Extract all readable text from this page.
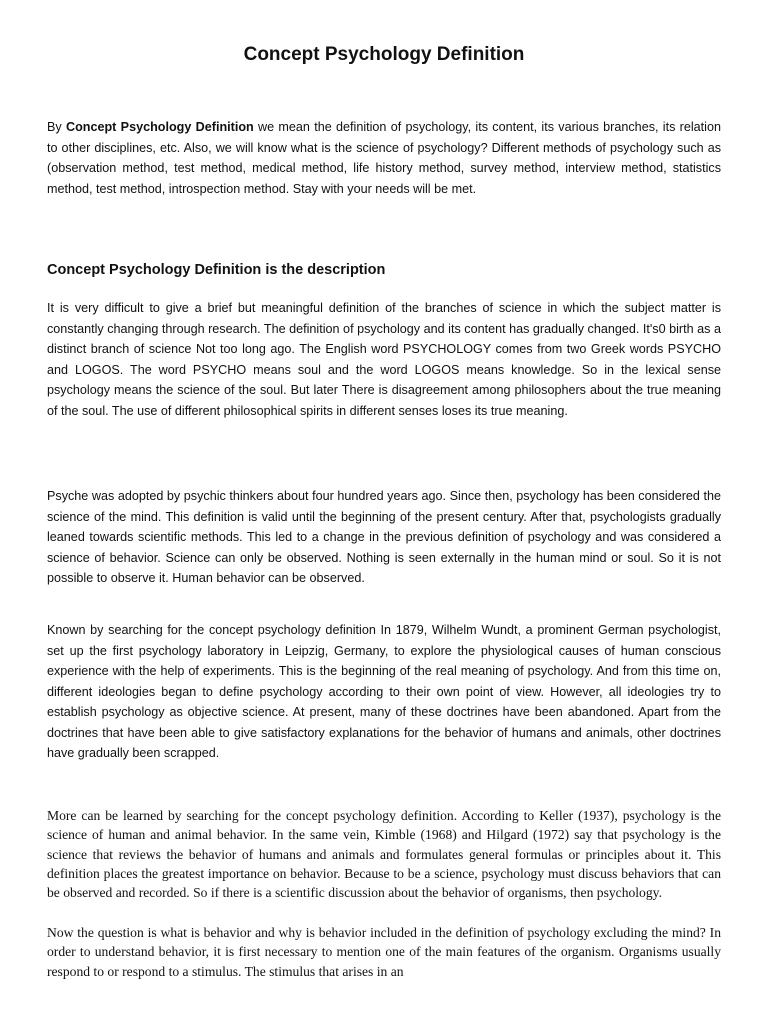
Concept Psychology Definition

By Concept Psychology Definition we mean the definition of psychology, its content, its various branches, its relation to other disciplines, etc. Also, we will know what is the science of psychology? Different methods of psychology such as (observation method, test method, medical method, life history method, survey method, interview method, statistics method, test method, introspection method. Stay with your needs will be met.

Concept Psychology Definition is the description

It is very difficult to give a brief but meaningful definition of the branches of science in which the subject matter is constantly changing through research. The definition of psychology and its content has gradually changed. It's0 birth as a distinct branch of science Not too long ago. The English word PSYCHOLOGY comes from two Greek words PSYCHO and LOGOS. The word PSYCHO means soul and the word LOGOS means knowledge. So in the lexical sense psychology means the science of the soul. But later There is disagreement among philosophers about the true meaning of the soul. The use of different philosophical spirits in different senses loses its true meaning.

Psyche was adopted by psychic thinkers about four hundred years ago. Since then, psychology has been considered the science of the mind. This definition is valid until the beginning of the present century. After that, psychologists gradually leaned towards scientific methods. This led to a change in the previous definition of psychology and was considered a science of behavior. Science can only be observed. Nothing is seen externally in the human mind or soul. So it is not possible to observe it. Human behavior can be observed.

Known by searching for the concept psychology definition In 1879, Wilhelm Wundt, a prominent German psychologist, set up the first psychology laboratory in Leipzig, Germany, to explore the physiological causes of human conscious experience with the help of experiments. This is the beginning of the real meaning of psychology. And from this time on, different ideologies began to define psychology according to their own point of view. However, all ideologies try to establish psychology as objective science. At present, many of these doctrines have been abandoned. Apart from the doctrines that have been able to give satisfactory explanations for the behavior of humans and animals, other doctrines have gradually been scrapped.

More can be learned by searching for the concept psychology definition. According to Keller (1937), psychology is the science of human and animal behavior. In the same vein, Kimble (1968) and Hilgard (1972) say that psychology is the science that reviews the behavior of humans and animals and formulates general formulas or principles about it. This definition places the greatest importance on behavior. Because to be a science, psychology must discuss behaviors that can be observed and recorded. So if there is a scientific discussion about the behavior of organisms, then psychology.

Now the question is what is behavior and why is behavior included in the definition of psychology excluding the mind? In order to understand behavior, it is first necessary to mention one of the main features of the organism. Organisms usually respond to or respond to a stimulus. The stimulus that arises in an
